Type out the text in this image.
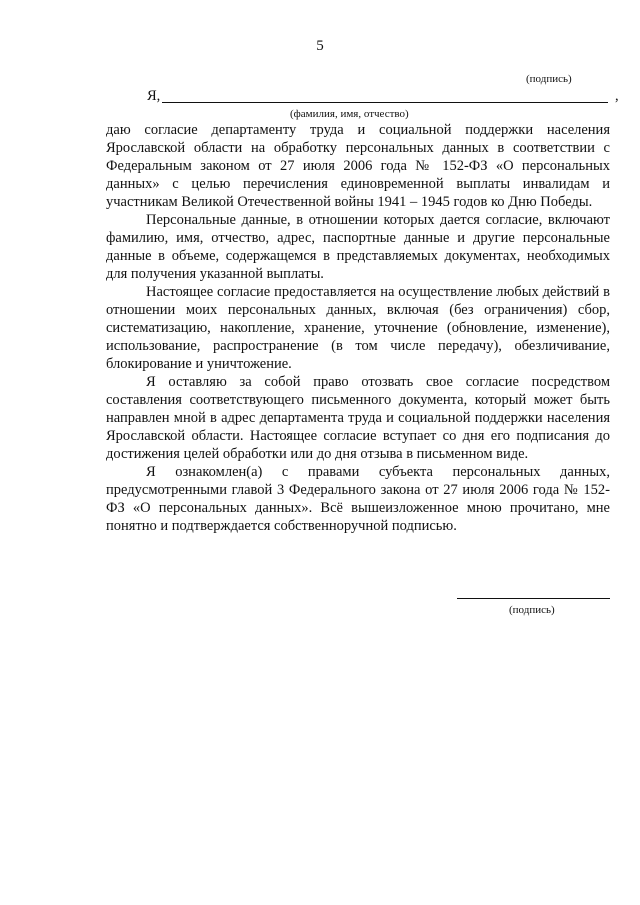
5
(подпись)
Я,	,
(фамилия, имя, отчество)

даю согласие департаменту труда и социальной поддержки населения Ярославской области на обработку персональных данных в соответствии с Федеральным законом от 27 июля 2006 года № 152-ФЗ «О персональных данных» с целью перечисления единовременной выплаты инвалидам и участникам Великой Отечественной войны 1941 – 1945 годов ко Дню Победы.

Персональные данные, в отношении которых дается согласие, включают фамилию, имя, отчество, адрес, паспортные данные и другие персональные данные в объеме, содержащемся в представляемых документах, необходимых для получения указанной выплаты.

Настоящее согласие предоставляется на осуществление любых действий в отношении моих персональных данных, включая (без ограничения) сбор, систематизацию, накопление, хранение, уточнение (обновление, изменение), использование, распространение (в том числе передачу), обезличивание, блокирование и уничтожение.

Я оставляю за собой право отозвать свое согласие посредством составления соответствующего письменного документа, который может быть направлен мной в адрес департамента труда и социальной поддержки населения Ярославской области. Настоящее согласие вступает со дня его подписания до достижения целей обработки или до дня отзыва в письменном виде.

Я ознакомлен(а) с правами субъекта персональных данных, предусмотренными главой 3 Федерального закона от 27 июля 2006 года № 152-ФЗ «О персональных данных». Всё вышеизложенное мною прочитано, мне понятно и подтверждается собственноручной подписью.

(подпись)
